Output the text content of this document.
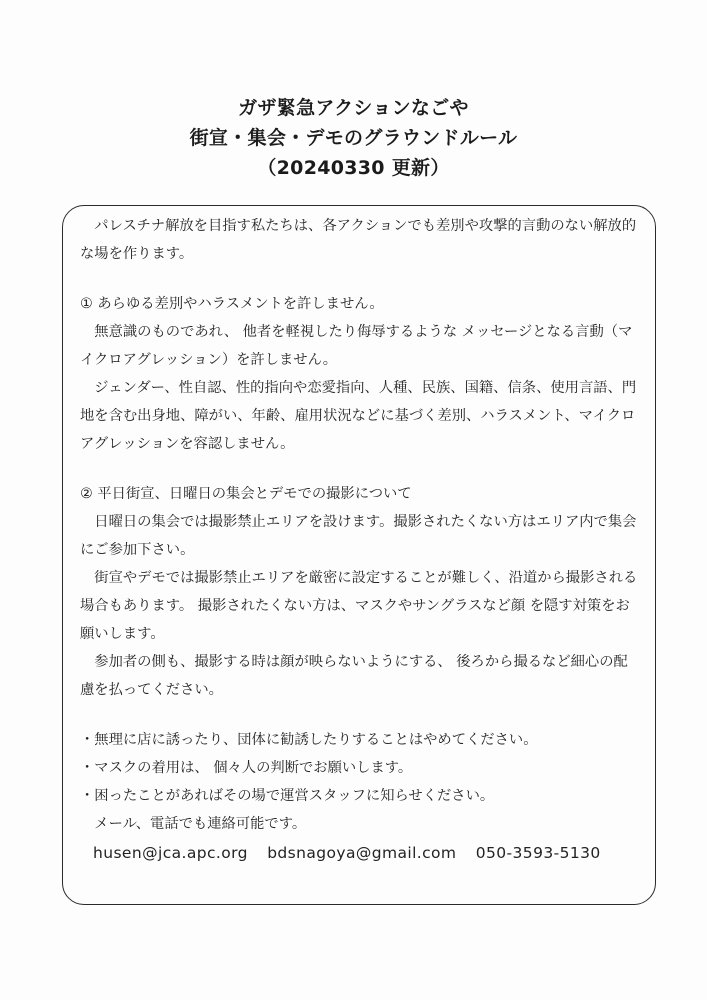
ガザ緊急アクションなごや
街宣・集会・デモのグラウンドルール
（20240330 更新）

パレスチナ解放を目指す私たちは、各アクションでも差別や攻撃的言動のない解放的な場を作ります。

① あらゆる差別やハラスメントを許しません。

無意識のものであれ、 他者を軽視したり侮辱するような メッセージとなる言動（マイクロアグレッション）を許しません。

ジェンダー、性自認、性的指向や恋愛指向、人種、民族、国籍、信条、使用言語、門地を含む出身地、障がい、年齢、雇用状況などに基づく差別、ハラスメント、マイクロアグレッションを容認しません。

② 平日街宣、日曜日の集会とデモでの撮影について

日曜日の集会では撮影禁止エリアを設けます。撮影されたくない方はエリア内で集会にご参加下さい。

街宣やデモでは撮影禁止エリアを厳密に設定することが難しく、沿道から撮影される場合もあります。 撮影されたくない方は、マスクやサングラスなど顔 を隠す対策をお願いします。

参加者の側も、撮影する時は顔が映らないようにする、 後ろから撮るなど細心の配慮を払ってください。

・無理に店に誘ったり、団体に勧誘したりすることはやめてください。

・マスクの着用は、 個々人の判断でお願いします。

・困ったことがあればその場で運営スタッフに知らせください。

メール、電話でも連絡可能です。

husen@jca.apc.org bdsnagoya@gmail.com 050-3593-5130
